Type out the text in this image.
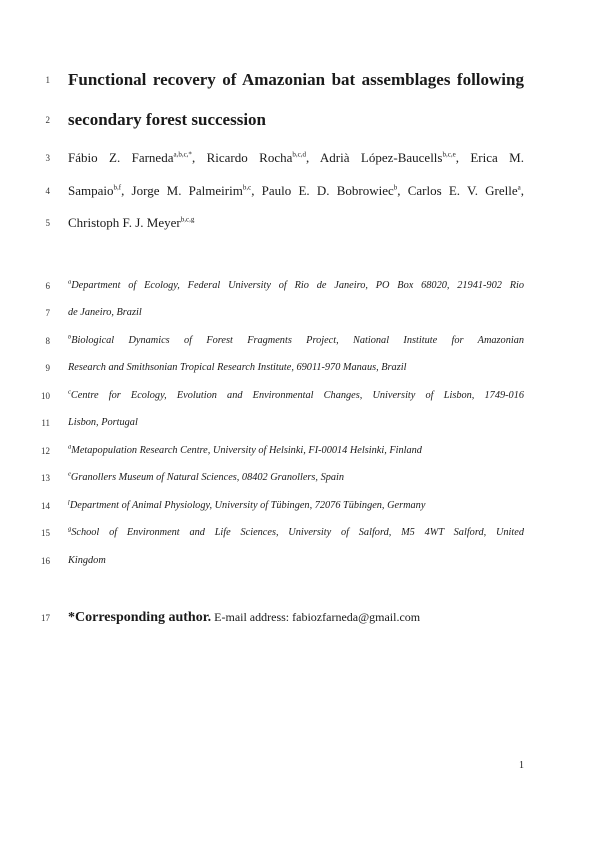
1 Functional recovery of Amazonian bat assemblages following
2 secondary forest succession
3 Fábio Z. Farneda$^{a,b,c,*}$, Ricardo Rocha$^{b,c,d}$, Adrià López-Baucells$^{b,c,e}$, Erica M.
4 Sampaio$^{b,f}$, Jorge M. Palmeirim$^{b,c}$, Paulo E. D. Bobrowiec$^b$, Carlos E. V. Grelle$^a$,
5 Christoph F. J. Meyer$^{b,c,g}$
6	$^a$Department of Ecology, Federal University of Rio de Janeiro, PO Box 68020, 21941-902 Rio
7 de Janeiro, Brazil
8	$^b$Biological Dynamics of Forest Fragments Project, National Institute for Amazonian
9 Research and Smithsonian Tropical Research Institute, 69011-970 Manaus, Brazil
10	$^c$Centre for Ecology, Evolution and Environmental Changes, University of Lisbon, 1749-016
11 Lisbon, Portugal
12	$^d$Metapopulation Research Centre, University of Helsinki, FI-00014 Helsinki, Finland
13	$^e$Granollers Museum of Natural Sciences, 08402 Granollers, Spain
14	$^f$Department of Animal Physiology, University of Tübingen, 72076 Tübingen, Germany
15	$^g$School of Environment and Life Sciences, University of Salford, M5 4WT Salford, United
16 Kingdom
17 *Corresponding author. E-mail address: fabiozfarneda@gmail.com
1
